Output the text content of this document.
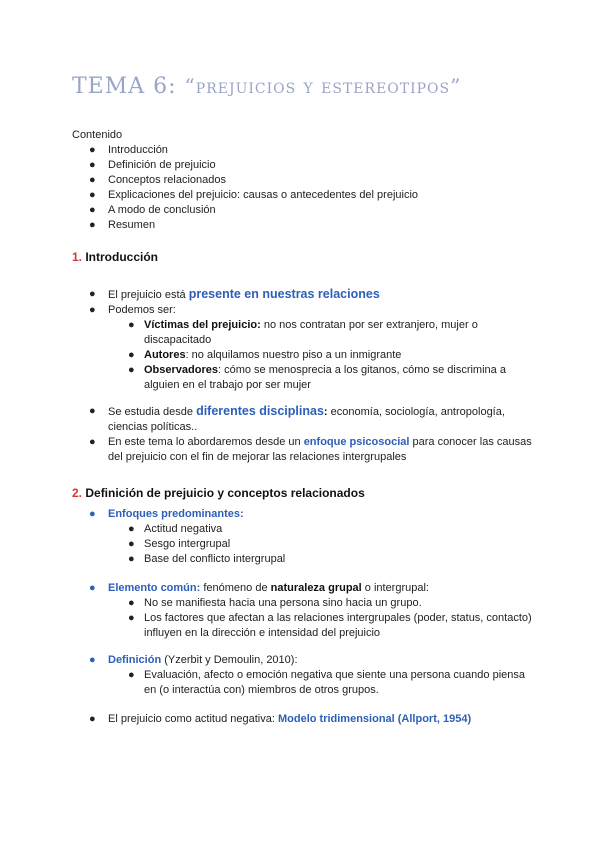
TEMA 6: “prejuicios y estereotipos”
Contenido
● Introducción
● Definición de prejuicio
● Conceptos relacionados
● Explicaciones del prejuicio: causas o antecedentes del prejuicio
● A modo de conclusión
● Resumen
1. Introducción
● El prejuicio está presente en nuestras relaciones
● Podemos ser:
● Víctimas del prejuicio: no nos contratan por ser extranjero, mujer o discapacitado
● Autores: no alquilamos nuestro piso a un inmigrante
● Observadores: cómo se menosprecia a los gitanos, cómo se discrimina a alguien en el trabajo por ser mujer
● Se estudia desde diferentes disciplinas: economía, sociología, antropología, ciencias políticas..
● En este tema lo abordaremos desde un enfoque psicosocial para conocer las causas del prejuicio con el fin de mejorar las relaciones intergrupales
2. Definición de prejuicio y conceptos relacionados
● Enfoques predominantes:
● Actitud negativa
● Sesgo intergrupal
● Base del conflicto intergrupal
● Elemento común: fenómeno de naturaleza grupal o intergrupal:
● No se manifiesta hacia una persona sino hacia un grupo.
● Los factores que afectan a las relaciones intergrupales (poder, status, contacto) influyen en la dirección e intensidad del prejuicio
● Definición (Yzerbit y Demoulin, 2010):
● Evaluación, afecto o emoción negativa que siente una persona cuando piensa en (o interactúa con) miembros de otros grupos.
● El prejuicio como actitud negativa: Modelo tridimensional (Allport, 1954)
